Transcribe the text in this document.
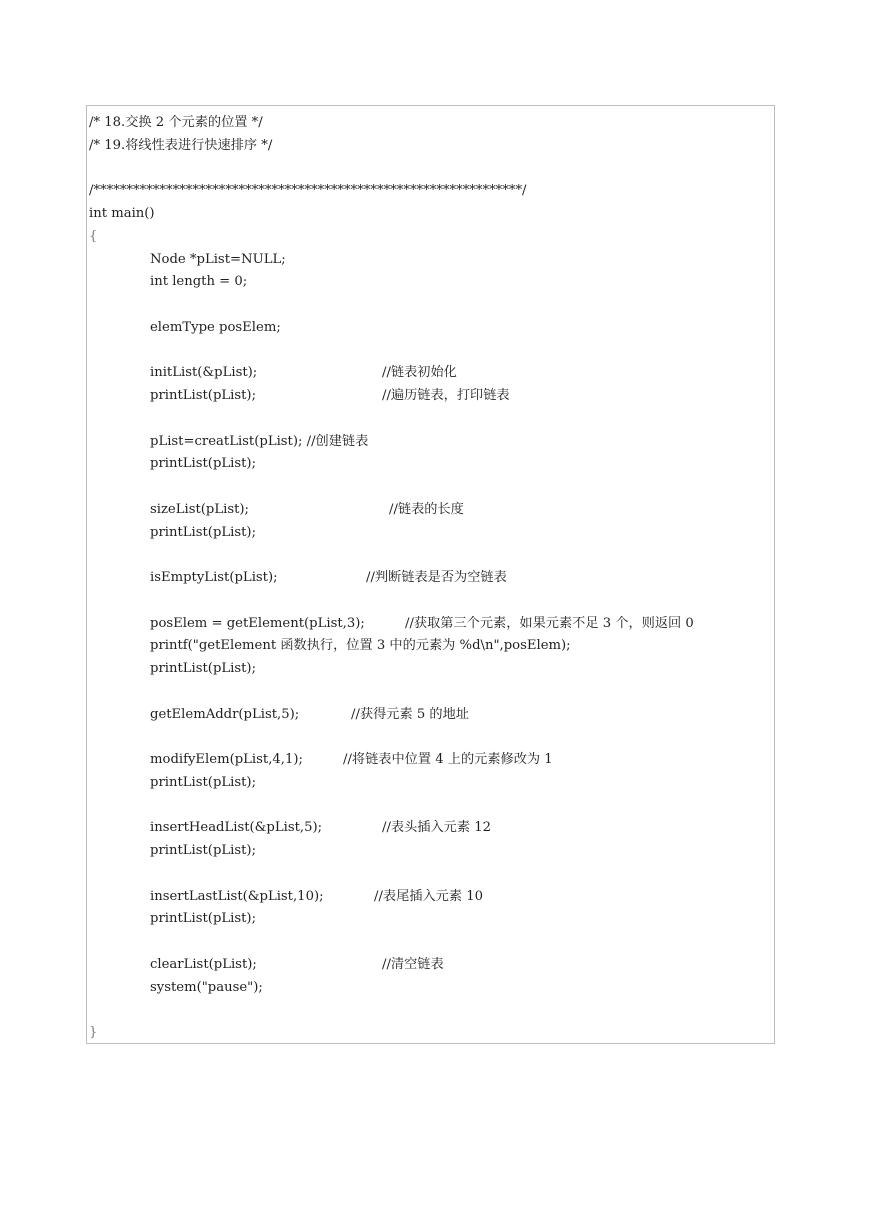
/* 18.交换 2 个元素的位置 */
/* 19.将线性表进行快速排序 */
/*****************************************************************/
int main()
{
Node *pList=NULL;
int length = 0;
elemType posElem;
initList(&pList);	//链表初始化
printList(pList);	//遍历链表，打印链表
pList=creatList(pList); //创建链表
printList(pList);
sizeList(pList);	//链表的长度
printList(pList);
isEmptyList(pList);	//判断链表是否为空链表
posElem = getElement(pList,3);	//获取第三个元素，如果元素不足 3 个，则返回 0
printf("getElement 函数执行，位置 3 中的元素为 %d\n",posElem);
printList(pList);
getElemAddr(pList,5);	//获得元素 5 的地址
modifyElem(pList,4,1);	//将链表中位置 4 上的元素修改为 1
printList(pList);
insertHeadList(&pList,5);	//表头插入元素 12
printList(pList);
insertLastList(&pList,10);	//表尾插入元素 10
printList(pList);
clearList(pList);	//清空链表
system("pause");
}
